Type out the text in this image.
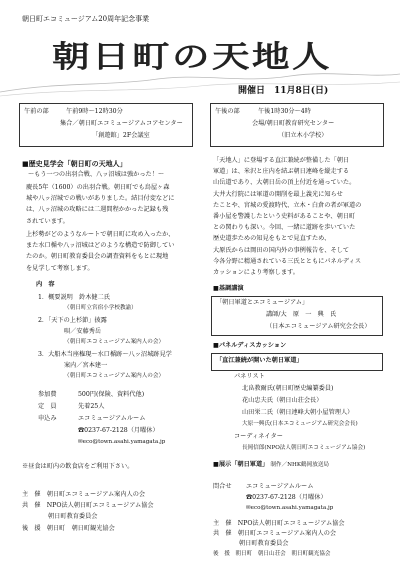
朝日町エコミュージアム20周年記念事業
朝日町の天地人
開催日　11月8日(日)
午前の部	午前9時～12時30分
集合／朝日町エコミュージアムコアセンター
「創遊館」2F会議室
■歴史見学会「朝日町の天地人」
～もう一つの出羽合戦、八ッ沼城は強かった！～
慶長5年（1600）の出羽合戦。朝日町でも鳥屋ヶ森
城や八ッ沼城での戦いがありました。結目付変などに
は、八ッ沼城の攻略には二週間程かかった記録も残
されています。
上杉勢がどのようなルートで朝日町に攻め入ったか、
また水口楯や八ッ沼城はどのような構造で防御してい
たのか。朝日町教育委員会の調査資料をもとに現地
を見学して考察します。
内　容
1．概要説明　鈴木健二氏
（朝日町立宮宿小学校教諭）
2．「天下の上杉節」披露
唄／安藤秀岳
（朝日町エコミュージアム案内人の会）
3．大船木当座権現～水口楯跡～八ッ沼城跡見学
案内／宮本建一
（朝日町エコミュージアム案内人の会）
参加費	500円(保険、資料代他)
定　員	先着25人
申込み	エコミュージアムルーム
☎0237-67-2128（月曜休）
✉eco@town.asahi.yamagata.jp
※昼食は町内の飲食店をご利用下さい。
主　催　 朝日町エコミュージアム案内人の会
共　催　 NPO法人朝日町エコミュージアム協会
朝日町教育委員会
後　援　 朝日町　朝日町観光協会
午後の部	午後1時30分～4時
会場/朝日町教育研究センター
（旧立木小学校）
「天地人」に登場する直江兼続が整備した「朝日
軍道」は、米沢と庄内を結ぶ朝日連峰を縦走する
山岳道であり、大朝日岳の頂上付近を通っていた。
大井大行院には軍道の開削を最上義光に知らせ
たことや、宮城の愛渡時代、立木・白倉の者が軍道の
番小屋を警護したという史料があることや、朝日町
との関わりも深い。今回、一緒に道跡を歩いていた
歴史道歩ための知見をもとで見直すため、
大原氏からは岡田の国内外の事例報告を、そして
今各分野に精通されている三氏とともにパネルディス
カッションにより考察します。
■基調講演
「朝日軍道とエコミュージアム」
講師/大　原　一　興　氏
（日本エコミュージアム研究会会長）
■パネルディスカッション
「直江兼続が開いた朝日軍道」
パネリスト
北畠教爾氏(朝日町歴史編纂委員)
花山忠夫氏（朝日山荘会長）
山田栄二氏（朝日連峰大朝小屋管理人）
大原一興氏(日本エコミュージアム研究会会長)
コーディネイター
長岡信郎(NPO法人朝日町エコミュージアム協会)
■展示「朝日軍道」 制作／NHK鶴岡放送局
問合せ エコミュージアムルーム
☎0237-67-2128（月曜休）
✉eco@town.asahi.yamagata.jp
主　催　 NPO法人朝日町エコミュージアム協会
共　催　 朝日町エコミュージアム案内人の会
朝日町教育委員会
後　援　 朝日町　朝日山荘会　朝日町観光協会
